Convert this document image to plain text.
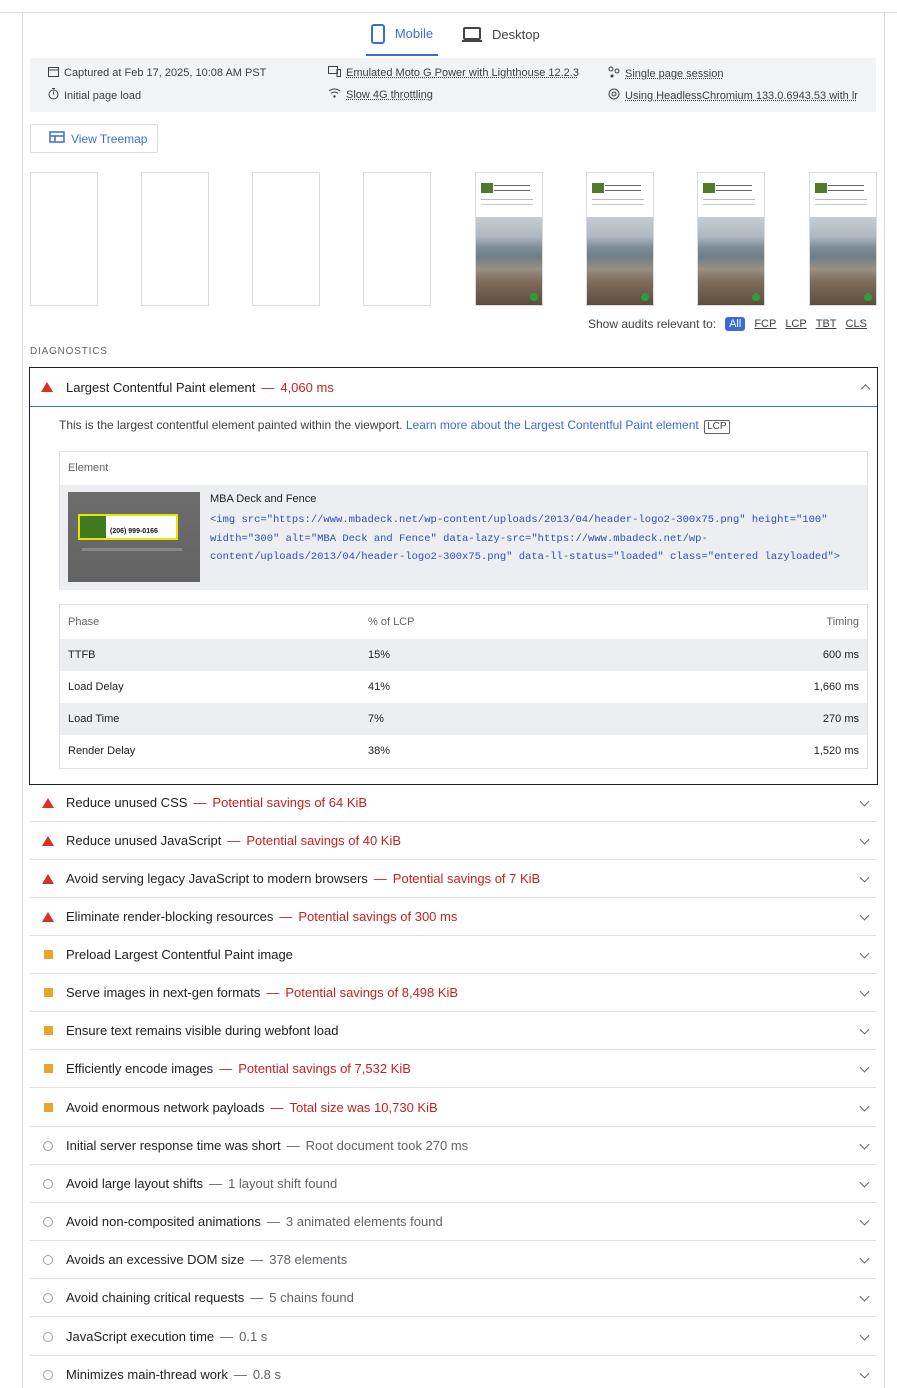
Mobile	Desktop
Captured at Feb 17, 2025, 10:08 AM PST
Initial page load
Emulated Moto G Power with Lighthouse 12.2.3
Slow 4G throttling
Single page session
Using HeadlessChromium 133.0.6943.53 with lr
View Treemap
Show audits relevant to:	All	FCP LCP TBT CLS
DIAGNOSTICS
Largest Contentful Paint element — 4,060 ms
This is the largest contentful element painted within the viewport. Learn more about the Largest Contentful Paint element LCP
Element
(206) 999-0166
MBA Deck and Fence
<img src="https://www.mbadeck.net/wp-content/uploads/2013/04/header-logo2-300x75.png" height="100" width="300" alt="MBA Deck and Fence" data-lazy-src="https://www.mbadeck.net/wp-content/uploads/2013/04/header-logo2-300x75.png" data-ll-status="loaded" class="entered lazyloaded">
Phase	% of LCP	Timing
TTFB	15%	600 ms
Load Delay	41%	1,660 ms
Load Time	7%	270 ms
Render Delay	38%	1,520 ms
Reduce unused CSS — Potential savings of 64 KiB
Reduce unused JavaScript — Potential savings of 40 KiB
Avoid serving legacy JavaScript to modern browsers — Potential savings of 7 KiB
Eliminate render-blocking resources — Potential savings of 300 ms
Preload Largest Contentful Paint image
Serve images in next-gen formats — Potential savings of 8,498 KiB
Ensure text remains visible during webfont load
Efficiently encode images — Potential savings of 7,532 KiB
Avoid enormous network payloads — Total size was 10,730 KiB
Initial server response time was short — Root document took 270 ms
Avoid large layout shifts — 1 layout shift found
Avoid non-composited animations — 3 animated elements found
Avoids an excessive DOM size — 378 elements
Avoid chaining critical requests — 5 chains found
JavaScript execution time — 0.1 s
Minimizes main-thread work — 0.8 s
